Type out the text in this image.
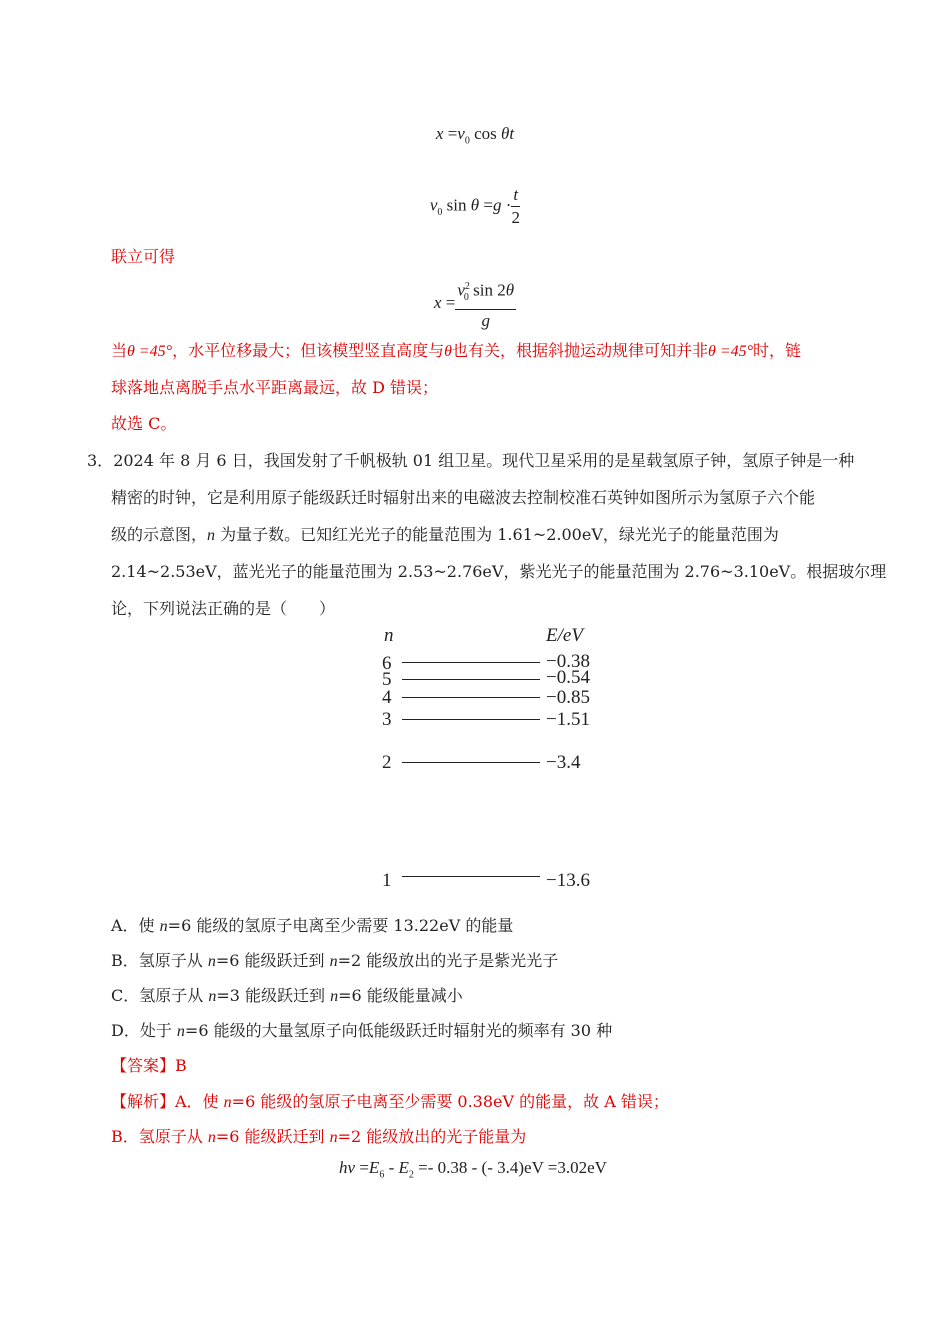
$x =v_0$ cos θt
$v_0$ $\sin \theta =g \cdot \frac{t}{2}$
联立可得
$x = \frac{v^2_0 \sin 2\theta}{g}$
当θ =45°，水平位移最大；但该模型竖直高度与θ也有关，根据斜抛运动规律可知并非θ =45°时，链
球落地点离脱手点水平距离最远，故 D 错误；
故选 C。
3．2024 年 8 月 6 日，我国发射了千帆极轨 01 组卫星。现代卫星采用的是星载氢原子钟，氢原子钟是一种
精密的时钟，它是利用原子能级跃迁时辐射出来的电磁波去控制校准石英钟如图所示为氢原子六个能
级的示意图，n 为量子数。已知红光光子的能量范围为 1.61~2.00eV，绿光光子的能量范围为
2.14~2.53eV，蓝光光子的能量范围为 2.53~2.76eV，紫光光子的能量范围为 2.76~3.10eV。根据玻尔理
论，下列说法正确的是（　　）
n	E/eV
6	−0.38
5	−0.54
4	−0.85
3	−1.51
2	−3.4
1	−13.6
A．使 n=6 能级的氢原子电离至少需要 13.22eV 的能量
B．氢原子从 n=6 能级跃迁到 n=2 能级放出的光子是紫光光子
C．氢原子从 n=3 能级跃迁到 n=6 能级能量减小
D．处于 n=6 能级的大量氢原子向低能级跃迁时辐射光的频率有 30 种
【答案】B
【解析】A．使 n=6 能级的氢原子电离至少需要 0.38eV 的能量，故 A 错误；
B．氢原子从 n=6 能级跃迁到 n=2 能级放出的光子能量为
$h\nu =E_6 - E_2 =- 0.38$ - (- 3.4)eV =3.02eV
